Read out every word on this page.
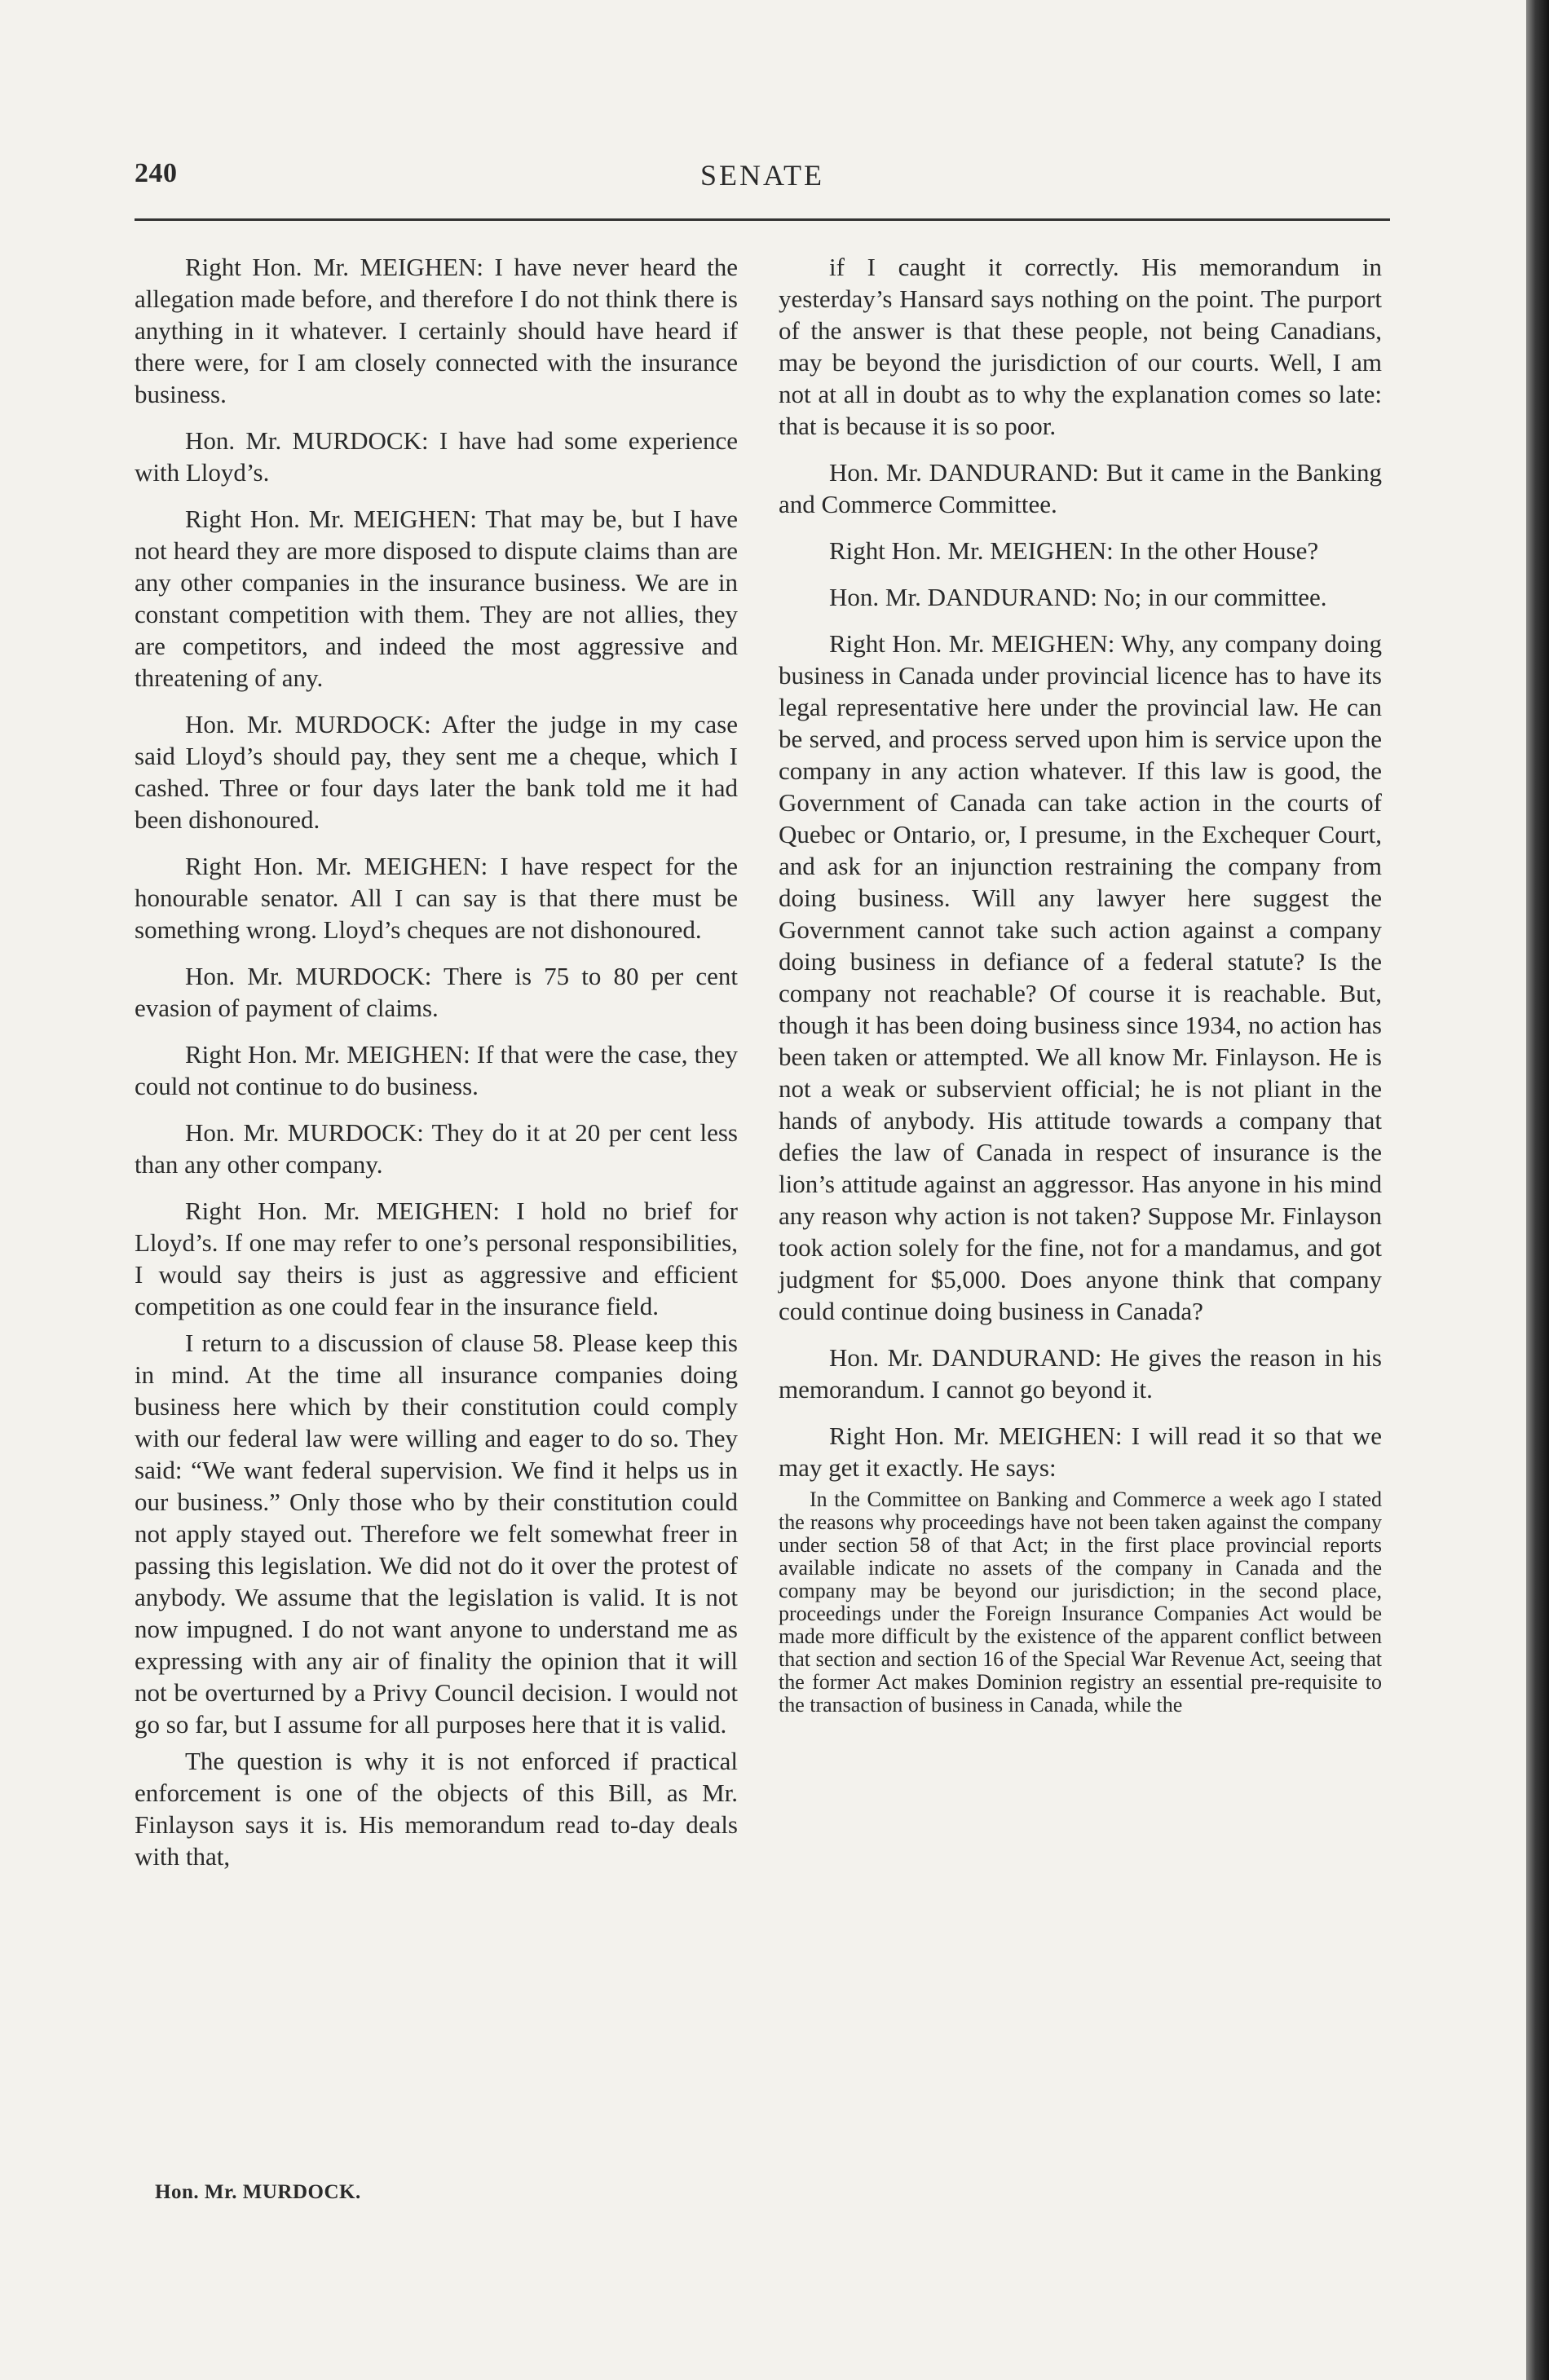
240	SENATE

Right Hon. Mr. MEIGHEN: I have never heard the allegation made before, and therefore I do not think there is anything in it whatever. I certainly should have heard if there were, for I am closely connected with the insurance business.

Hon. Mr. MURDOCK: I have had some experience with Lloyd’s.

Right Hon. Mr. MEIGHEN: That may be, but I have not heard they are more disposed to dispute claims than are any other companies in the insurance business. We are in constant competition with them. They are not allies, they are competitors, and indeed the most aggressive and threatening of any.

Hon. Mr. MURDOCK: After the judge in my case said Lloyd’s should pay, they sent me a cheque, which I cashed. Three or four days later the bank told me it had been dishonoured.

Right Hon. Mr. MEIGHEN: I have respect for the honourable senator. All I can say is that there must be something wrong. Lloyd’s cheques are not dishonoured.

Hon. Mr. MURDOCK: There is 75 to 80 per cent evasion of payment of claims.

Right Hon. Mr. MEIGHEN: If that were the case, they could not continue to do business.

Hon. Mr. MURDOCK: They do it at 20 per cent less than any other company.

Right Hon. Mr. MEIGHEN: I hold no brief for Lloyd’s. If one may refer to one’s personal responsibilities, I would say theirs is just as aggressive and efficient competition as one could fear in the insurance field.

I return to a discussion of clause 58. Please keep this in mind. At the time all insurance companies doing business here which by their constitution could comply with our federal law were willing and eager to do so. They said: “We want federal supervision. We find it helps us in our business.” Only those who by their constitution could not apply stayed out. Therefore we felt somewhat freer in passing this legislation. We did not do it over the protest of anybody. We assume that the legislation is valid. It is not now impugned. I do not want anyone to understand me as expressing with any air of finality the opinion that it will not be overturned by a Privy Council decision. I would not go so far, but I assume for all purposes here that it is valid.

The question is why it is not enforced if practical enforcement is one of the objects of this Bill, as Mr. Finlayson says it is. His memorandum read to-day deals with that,

if I caught it correctly. His memorandum in yesterday’s Hansard says nothing on the point. The purport of the answer is that these people, not being Canadians, may be beyond the jurisdiction of our courts. Well, I am not at all in doubt as to why the explanation comes so late: that is because it is so poor.

Hon. Mr. DANDURAND: But it came in the Banking and Commerce Committee.

Right Hon. Mr. MEIGHEN: In the other House?

Hon. Mr. DANDURAND: No; in our committee.

Right Hon. Mr. MEIGHEN: Why, any company doing business in Canada under provincial licence has to have its legal representative here under the provincial law. He can be served, and process served upon him is service upon the company in any action whatever. If this law is good, the Government of Canada can take action in the courts of Quebec or Ontario, or, I presume, in the Exchequer Court, and ask for an injunction restraining the company from doing business. Will any lawyer here suggest the Government cannot take such action against a company doing business in defiance of a federal statute? Is the company not reachable? Of course it is reachable. But, though it has been doing business since 1934, no action has been taken or attempted. We all know Mr. Finlayson. He is not a weak or subservient official; he is not pliant in the hands of anybody. His attitude towards a company that defies the law of Canada in respect of insurance is the lion’s attitude against an aggressor. Has anyone in his mind any reason why action is not taken? Suppose Mr. Finlayson took action solely for the fine, not for a mandamus, and got judgment for $5,000. Does anyone think that company could continue doing business in Canada?

Hon. Mr. DANDURAND: He gives the reason in his memorandum. I cannot go beyond it.

Right Hon. Mr. MEIGHEN: I will read it so that we may get it exactly. He says:

In the Committee on Banking and Commerce a week ago I stated the reasons why proceedings have not been taken against the company under section 58 of that Act; in the first place provincial reports available indicate no assets of the company in Canada and the company may be beyond our jurisdiction; in the second place, proceedings under the Foreign Insurance Companies Act would be made more difficult by the existence of the apparent conflict between that section and section 16 of the Special War Revenue Act, seeing that the former Act makes Dominion registry an essential pre-requisite to the transaction of business in Canada, while the

Hon. Mr. MURDOCK.
